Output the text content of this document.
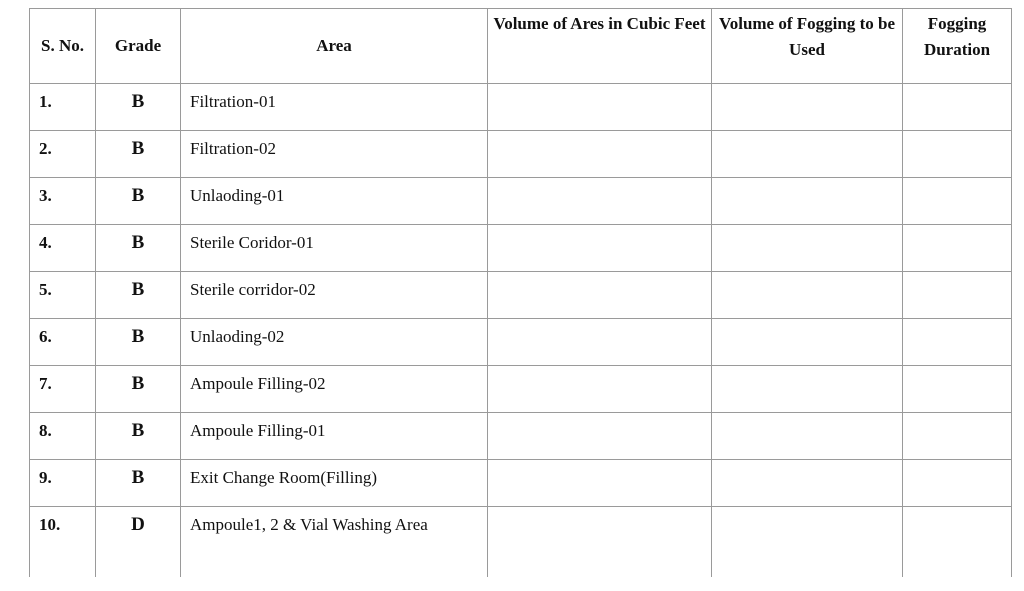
S. No.	Grade	Area	Volume of Ares in Cubic Feet	Volume of Fogging to be Used	Fogging Duration
1.	B	Filtration-01			
2.	B	Filtration-02			
3.	B	Unlaoding-01			
4.	B	Sterile Coridor-01			
5.	B	Sterile corridor-02			
6.	B	Unlaoding-02			
7.	B	Ampoule Filling-02			
8.	B	Ampoule Filling-01			
9.	B	Exit Change Room(Filling)			
10.	D	Ampoule1, 2 & Vial Washing Area			
